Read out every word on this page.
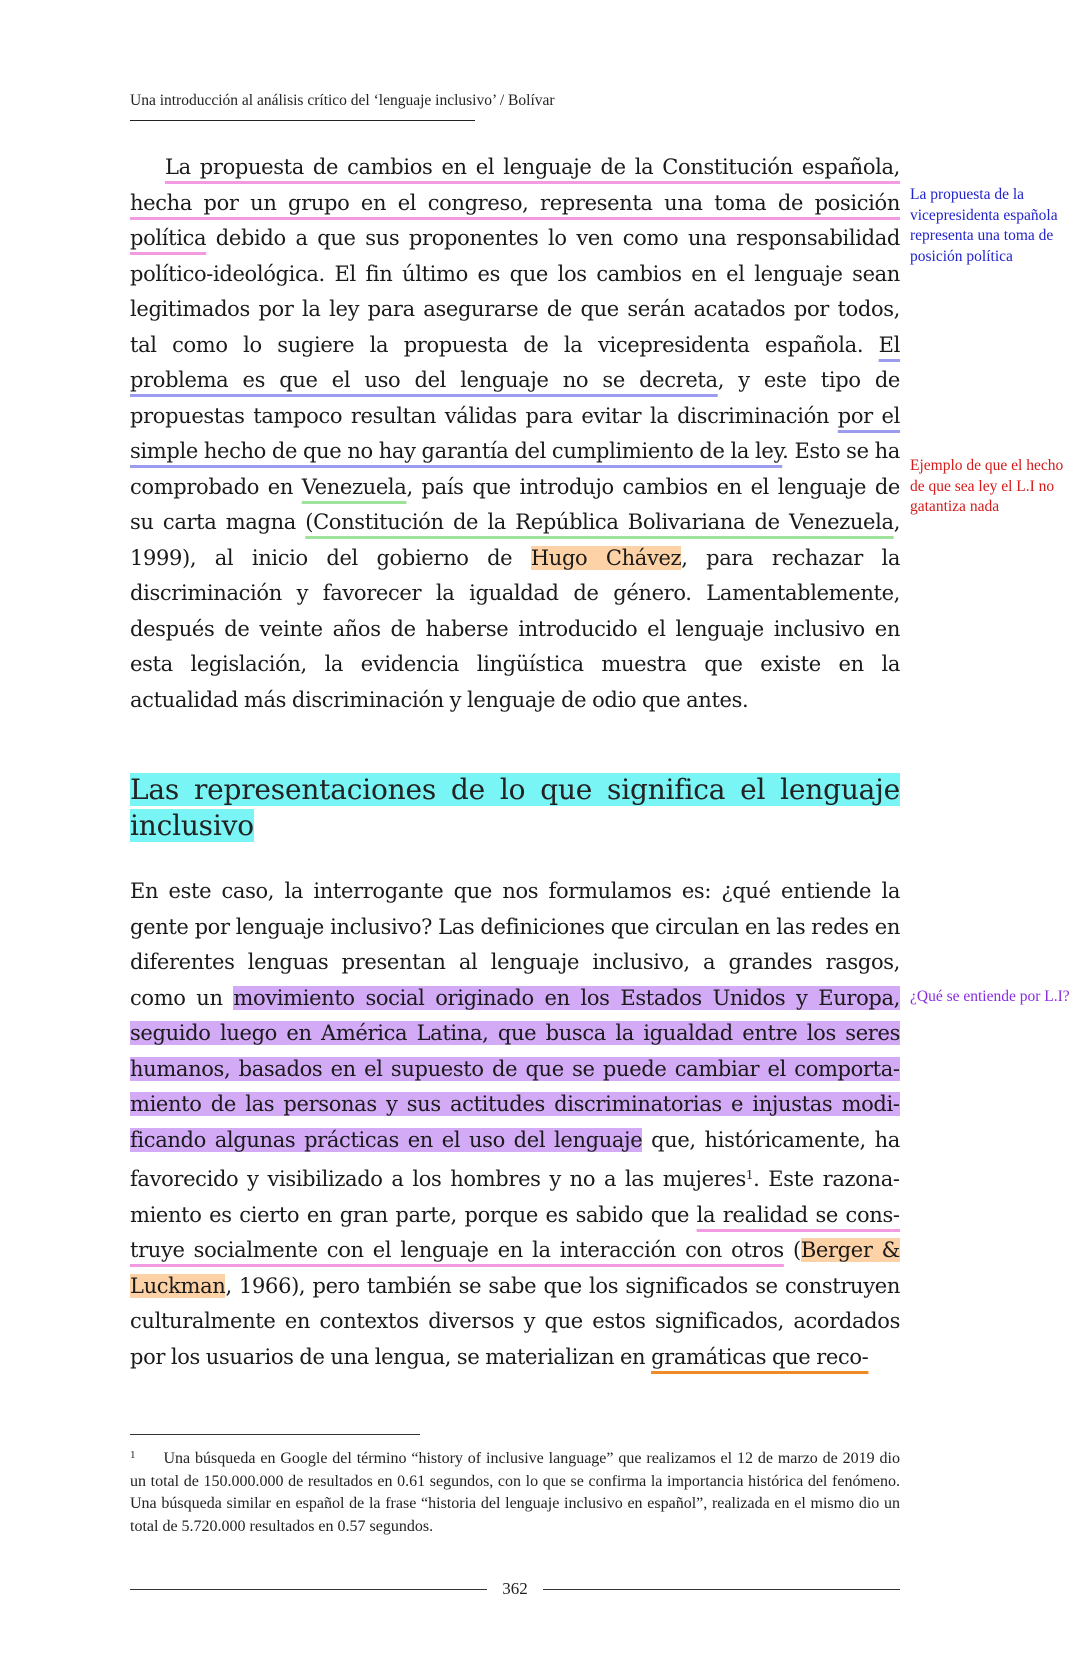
Una introducción al análisis crítico del ‘lenguaje inclusivo’ / Bolívar

La propuesta de cambios en el lenguaje de la Constitución española, hecha por un grupo en el congreso, representa una toma de posición política debido a que sus proponentes lo ven como una responsabilidad político-ideológica. El fin último es que los cambios en el lenguaje sean legitimados por la ley para asegurarse de que serán acatados por todos, tal como lo sugiere la propuesta de la vicepresidenta española. El problema es que el uso del lenguaje no se decreta, y este tipo de propuestas tampoco resultan válidas para evitar la discriminación por el simple hecho de que no hay garantía del cumplimiento de la ley. Esto se ha comprobado en Venezuela, país que introdujo cambios en el lenguaje de su carta magna (Constitución de la República Bolivariana de Venezuela, 1999), al inicio del gobierno de Hugo Chávez, para rechazar la discriminación y favorecer la igualdad de género. Lamentablemente, después de veinte años de haberse introducido el lenguaje inclusivo en esta legislación, la evidencia lingüística muestra que existe en la actualidad más discriminación y lenguaje de odio que antes.

Las representaciones de lo que significa el lenguaje inclusivo

En este caso, la interrogante que nos formulamos es: ¿qué entiende la gente por lenguaje inclusivo? Las definiciones que circulan en las redes en diferentes lenguas presentan al lenguaje inclusivo, a grandes rasgos, como un movimiento social originado en los Estados Unidos y Europa, seguido luego en América Latina, que busca la igualdad entre los seres humanos, basados en el supuesto de que se puede cambiar el comportamiento de las personas y sus actitudes discriminatorias e injustas modificando algunas prácticas en el uso del lenguaje que, históricamente, ha favorecido y visibilizado a los hombres y no a las mujeres$^1$. Este razonamiento es cierto en gran parte, porque es sabido que la realidad se construye socialmente con el lenguaje en la interacción con otros (Berger & Luckman, 1966), pero también se sabe que los significados se construyen culturalmente en contextos diversos y que estos significados, acordados por los usuarios de una lengua, se materializan en gramáticas que reco-

La propuesta de la vicepresidenta española representa una toma de posición política
Ejemplo de que el hecho de que sea ley el L.I no gatantiza nada
¿Qué se entiende por L.I?

$^1$ Una búsqueda en Google del término “history of inclusive language” que realizamos el 12 de marzo de 2019 dio un total de 150.000.000 de resultados en 0.61 segundos, con lo que se confirma la importancia histórica del fenómeno. Una búsqueda similar en español de la frase “historia del lenguaje inclusivo en español”, realizada en el mismo dio un total de 5.720.000 resultados en 0.57 segundos.

362
